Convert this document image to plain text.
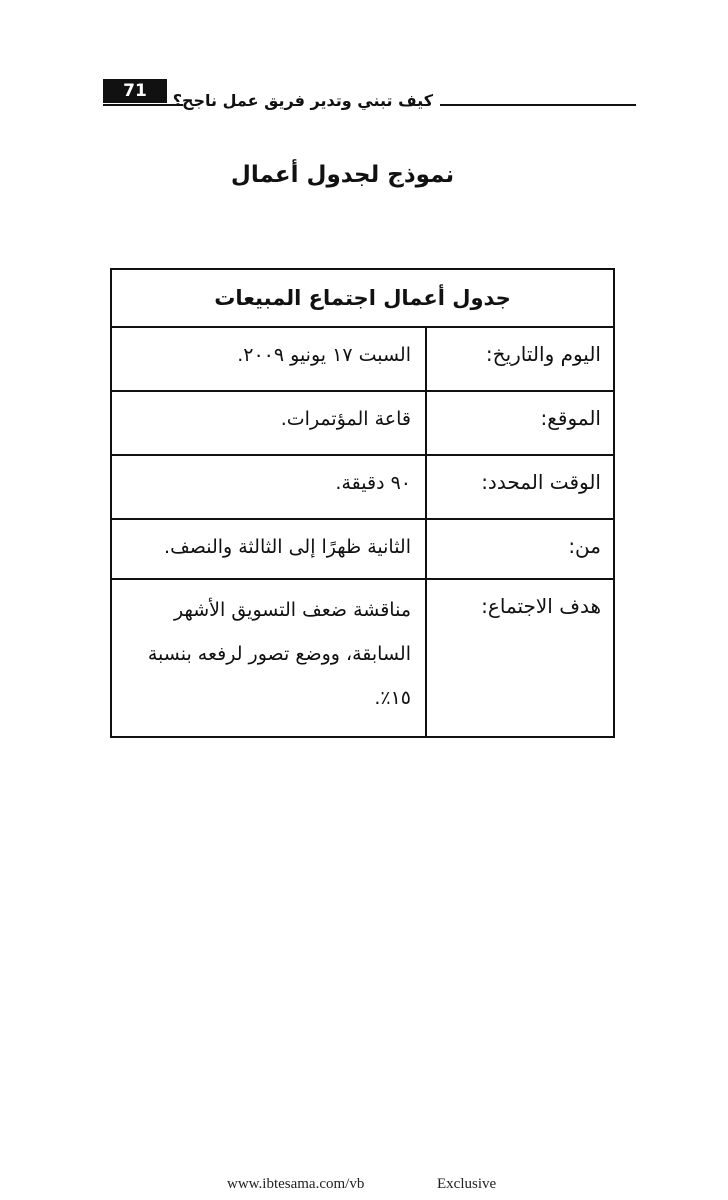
71	كيف تبني وتدير فريق عمل ناجح؟
نموذج لجدول أعمال
جدول أعمال اجتماع المبيعات
اليوم والتاريخ:
السبت ١٧ يونيو ٢٠٠٩.
الموقع:
قاعة المؤتمرات.
الوقت المحدد:
٩٠ دقيقة.
من:
الثانية ظهرًا إلى الثالثة والنصف.
هدف الاجتماع:
مناقشة ضعف التسويق الأشهر السابقة، ووضع تصور لرفعه بنسبة ١٥٪.
www.ibtesama.com/vb	Exclusive
